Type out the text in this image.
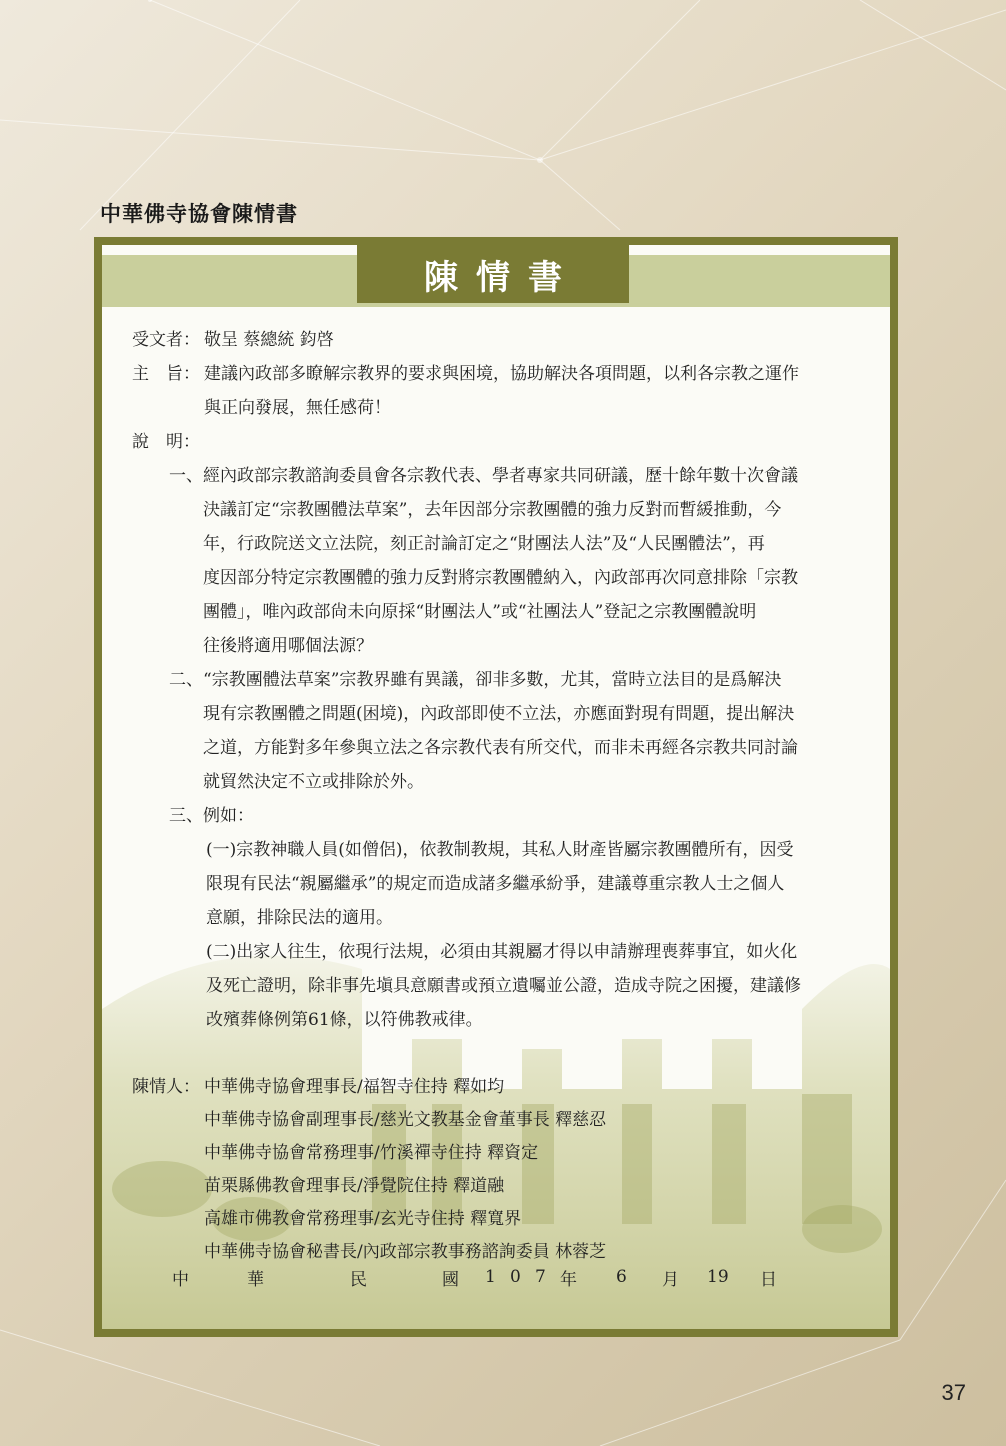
中華佛寺協會陳情書
陳情書
受文者： 敬呈 蔡總統 鈞啓
主　旨： 建議內政部多瞭解宗教界的要求與困境，協助解決各項問題，以利各宗教之運作
與正向發展，無任感荷！
說　明：
一、 經內政部宗教諮詢委員會各宗教代表、學者專家共同研議，歷十餘年數十次會議
決議訂定“宗教團體法草案”，去年因部分宗教團體的強力反對而暫緩推動，今
年，行政院送文立法院，刻正討論訂定之“財團法人法”及“人民團體法”，再
度因部分特定宗教團體的強力反對將宗教團體納入，內政部再次同意排除「宗教
團體」，唯內政部尙未向原採“財團法人”或“社團法人”登記之宗教團體說明
往後將適用哪個法源？
二、 “宗教團體法草案”宗教界雖有異議，卻非多數，尤其，當時立法目的是爲解決
現有宗教團體之問題(困境)，內政部即使不立法，亦應面對現有問題，提出解決
之道，方能對多年參與立法之各宗教代表有所交代，而非未再經各宗教共同討論
就貿然決定不立或排除於外。
三、 例如：
(一)宗教神職人員(如僧侶)，依教制教規，其私人財產皆屬宗教團體所有，因受
限現有民法“親屬繼承”的規定而造成諸多繼承紛爭，建議尊重宗教人士之個人
意願，排除民法的適用。
(二)出家人往生，依現行法規，必須由其親屬才得以申請辦理喪葬事宜，如火化
及死亡證明，除非事先塡具意願書或預立遺囑並公證，造成寺院之困擾，建議修
改殯葬條例第61條，以符佛教戒律。
陳情人： 中華佛寺協會理事長/福智寺住持 釋如均
中華佛寺協會副理事長/慈光文教基金會董事長 釋慈忍
中華佛寺協會常務理事/竹溪禪寺住持 釋資定
苗栗縣佛教會理事長/淨覺院住持 釋道融
高雄市佛教會常務理事/玄光寺住持 釋寬界
中華佛寺協會秘書長/內政部宗教事務諮詢委員 林蓉芝
中	華	民	國 1 0 7 年 6 月 19 日
37
